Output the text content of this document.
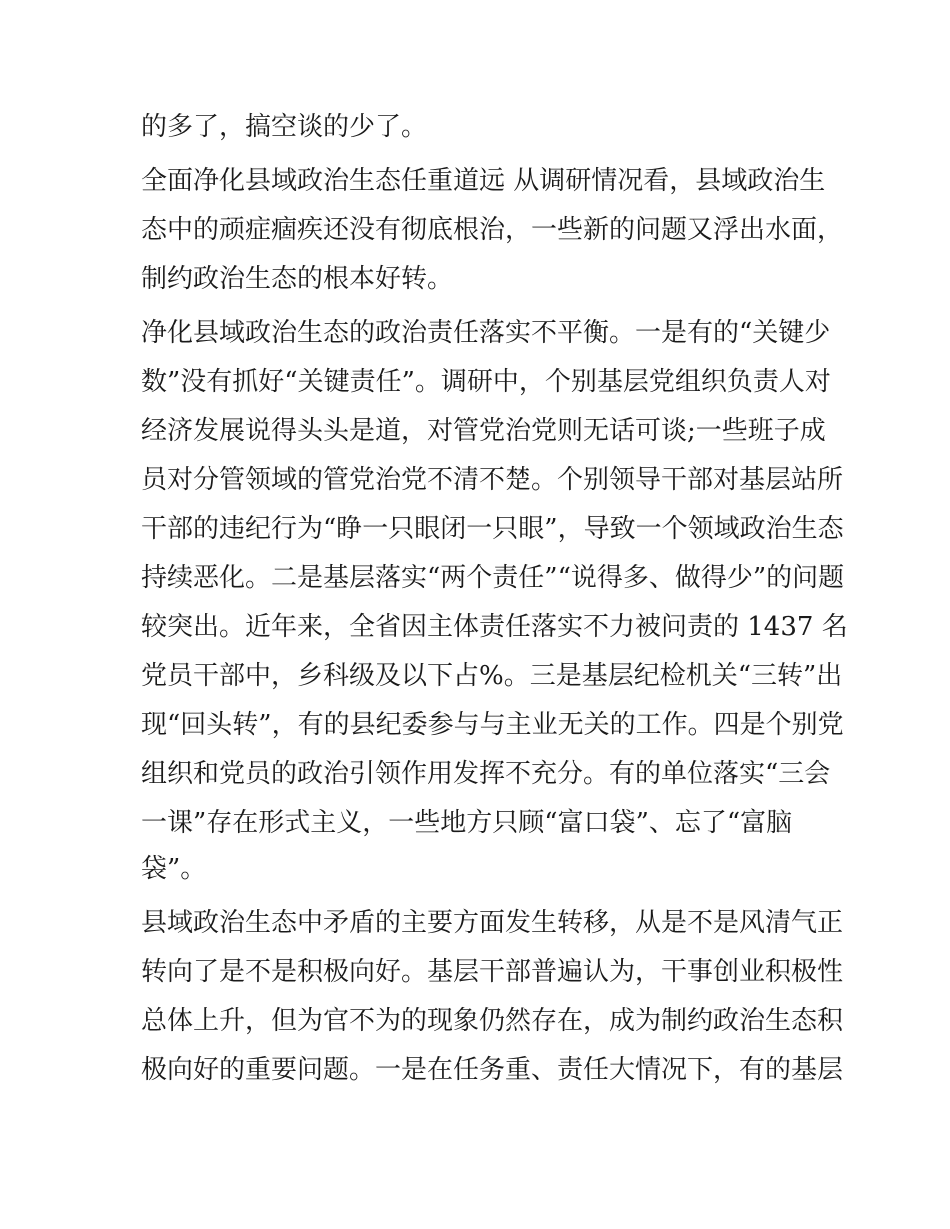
的多了，搞空谈的少了。
全面净化县域政治生态任重道远 从调研情况看，县域政治生
态中的顽症痼疾还没有彻底根治，一些新的问题又浮出水面，
制约政治生态的根本好转。
净化县域政治生态的政治责任落实不平衡。一是有的“关键少
数”没有抓好“关键责任”。调研中，个别基层党组织负责人对
经济发展说得头头是道，对管党治党则无话可谈;一些班子成
员对分管领域的管党治党不清不楚。个别领导干部对基层站所
干部的违纪行为“睁一只眼闭一只眼”，导致一个领域政治生态
持续恶化。二是基层落实“两个责任”“说得多、做得少”的问题
较突出。近年来，全省因主体责任落实不力被问责的 1437 名
党员干部中，乡科级及以下占%。三是基层纪检机关“三转”出
现“回头转”，有的县纪委参与与主业无关的工作。四是个别党
组织和党员的政治引领作用发挥不充分。有的单位落实“三会
一课”存在形式主义，一些地方只顾“富口袋”、忘了“富脑
袋”。
县域政治生态中矛盾的主要方面发生转移，从是不是风清气正
转向了是不是积极向好。基层干部普遍认为，干事创业积极性
总体上升，但为官不为的现象仍然存在，成为制约政治生态积
极向好的重要问题。一是在任务重、责任大情况下，有的基层
